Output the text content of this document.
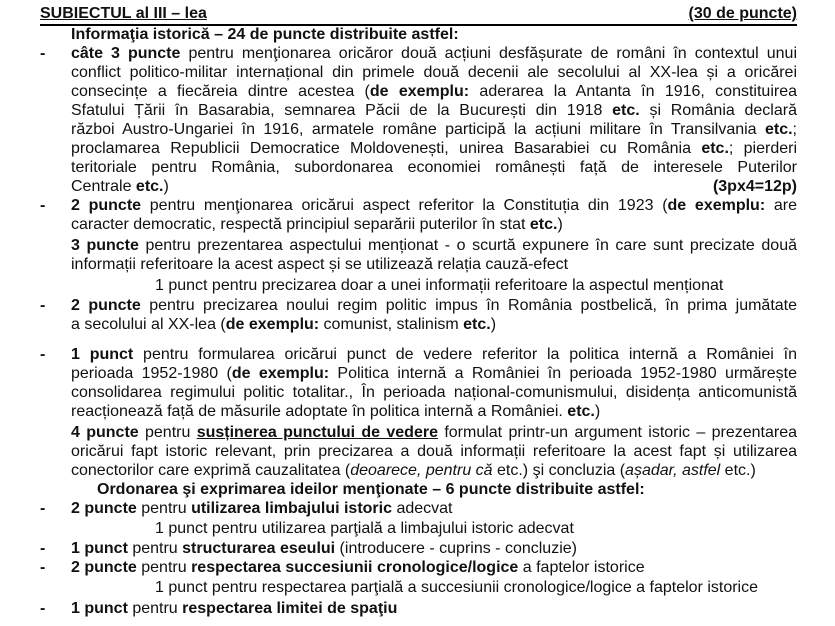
SUBIECTUL al III – lea	(30 de puncte)
Informaţia istorică – 24 de puncte distribuite astfel:
- câte 3 puncte pentru menţionarea oricăror două acțiuni desfășurate de români în contextul unui
conflict politico-militar internațional din primele două decenii ale secolului al XX-lea și a oricărei
consecințe a fiecăreia dintre acestea (de exemplu: aderarea la Antanta în 1916, constituirea
Sfatului Țării în Basarabia, semnarea Păcii de la București din 1918 etc. și România declară
război Austro-Ungariei în 1916, armatele române participă la acțiuni militare în Transilvania etc.;
proclamarea Republicii Democratice Moldovenești, unirea Basarabiei cu România etc.; pierderi
teritoriale pentru România, subordonarea economiei românești față de interesele Puterilor
Centrale etc.)	(3px4=12p)
- 2 puncte pentru menţionarea oricărui aspect referitor la Constituția din 1923 (de exemplu: are
caracter democratic, respectă principiul separării puterilor în stat etc.)
3 puncte pentru prezentarea aspectului menționat - o scurtă expunere în care sunt precizate două
informații referitoare la acest aspect și se utilizează relația cauză-efect
1 punct pentru precizarea doar a unei informații referitoare la aspectul menționat
- 2 puncte pentru precizarea noului regim politic impus în România postbelică, în prima jumătate
a secolului al XX-lea (de exemplu: comunist, stalinism etc.)
- 1 punct pentru formularea oricărui punct de vedere referitor la politica internă a României în
perioada 1952-1980 (de exemplu: Politica internă a României în perioada 1952-1980 urmărește
consolidarea regimului politic totalitar., În perioada național-comunismului, disidența anticomunistă
reacționează față de măsurile adoptate în politica internă a României. etc.)
4 puncte pentru susținerea punctului de vedere formulat printr-un argument istoric – prezentarea
oricărui fapt istoric relevant, prin precizarea a două informații referitoare la acest fapt și utilizarea
conectorilor care exprimă cauzalitatea (deoarece, pentru că etc.) şi concluzia (așadar, astfel etc.)
Ordonarea şi exprimarea ideilor menţionate – 6 puncte distribuite astfel:
- 2 puncte pentru utilizarea limbajului istoric adecvat
1 punct pentru utilizarea parţială a limbajului istoric adecvat
- 1 punct pentru structurarea eseului (introducere - cuprins - concluzie)
- 2 puncte pentru respectarea succesiunii cronologice/logice a faptelor istorice
1 punct pentru respectarea parţială a succesiunii cronologice/logice a faptelor istorice
- 1 punct pentru respectarea limitei de spaţiu
